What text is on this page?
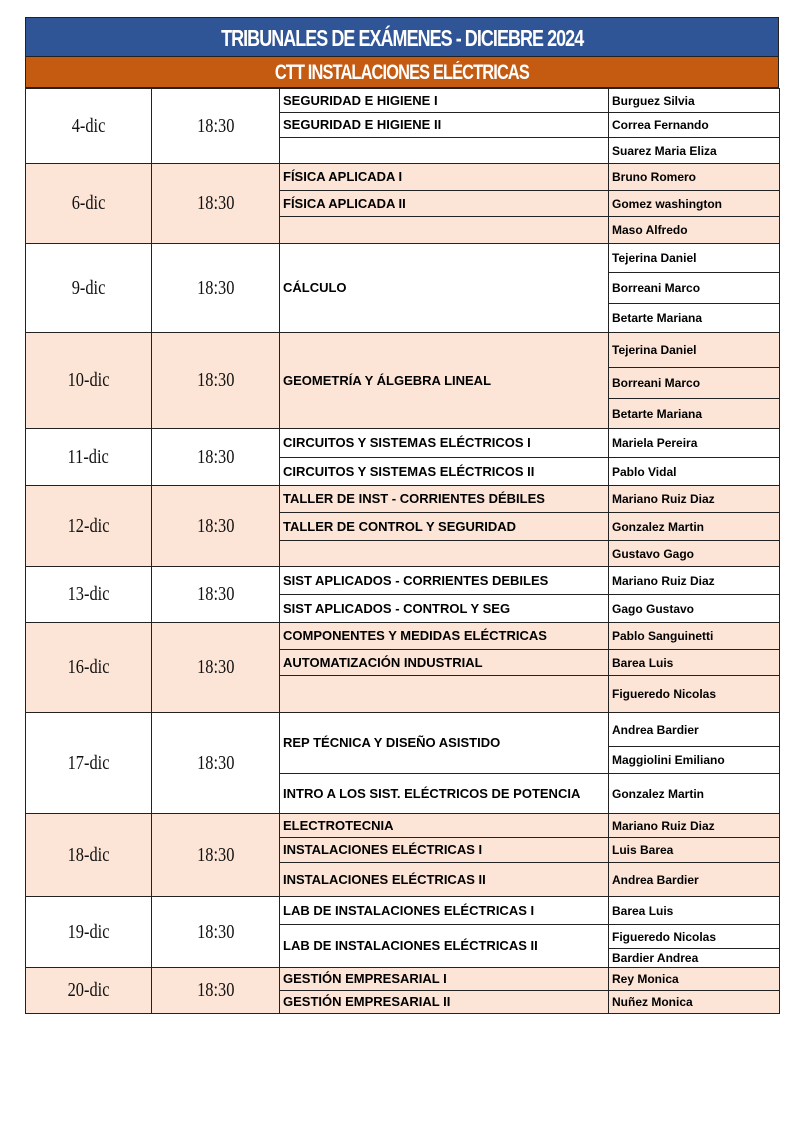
TRIBUNALES DE EXÁMENES - DICIEBRE 2024
CTT INSTALACIONES ELÉCTRICAS
4-dic	18:30	SEGURIDAD E HIGIENE I	Burguez Silvia
		SEGURIDAD E HIGIENE II	Correa Fernando
			Suarez Maria Eliza
6-dic	18:30	FÍSICA APLICADA I	Bruno Romero
		FÍSICA APLICADA II	Gomez washington
			Maso Alfredo
9-dic	18:30	CÁLCULO	Tejerina Daniel
			Borreani Marco
			Betarte Mariana
10-dic	18:30	GEOMETRÍA Y ÁLGEBRA LINEAL	Tejerina Daniel
			Borreani Marco
			Betarte Mariana
11-dic	18:30	CIRCUITOS Y SISTEMAS ELÉCTRICOS I	Mariela Pereira
		CIRCUITOS Y SISTEMAS ELÉCTRICOS II	Pablo Vidal
12-dic	18:30	TALLER DE INST - CORRIENTES DÉBILES	Mariano Ruiz Diaz
		TALLER DE CONTROL Y SEGURIDAD	Gonzalez Martin
			Gustavo Gago
13-dic	18:30	SIST APLICADOS - CORRIENTES DEBILES	Mariano Ruiz Diaz
		SIST APLICADOS - CONTROL Y SEG	Gago Gustavo
16-dic	18:30	COMPONENTES Y MEDIDAS ELÉCTRICAS	Pablo Sanguinetti
		AUTOMATIZACIÓN INDUSTRIAL	Barea Luis
			Figueredo Nicolas
17-dic	18:30	REP TÉCNICA Y DISEÑO ASISTIDO	Andrea Bardier
			Maggiolini Emiliano
		INTRO A LOS SIST. ELÉCTRICOS DE POTENCIA	Gonzalez Martin
18-dic	18:30	ELECTROTECNIA	Mariano Ruiz Diaz
		INSTALACIONES ELÉCTRICAS I	Luis Barea
		INSTALACIONES ELÉCTRICAS II	Andrea Bardier
19-dic	18:30	LAB DE INSTALACIONES ELÉCTRICAS I	Barea Luis
		LAB DE INSTALACIONES ELÉCTRICAS II	Figueredo Nicolas
			Bardier Andrea
20-dic	18:30	GESTIÓN EMPRESARIAL I	Rey Monica
		GESTIÓN EMPRESARIAL II	Nuñez Monica
